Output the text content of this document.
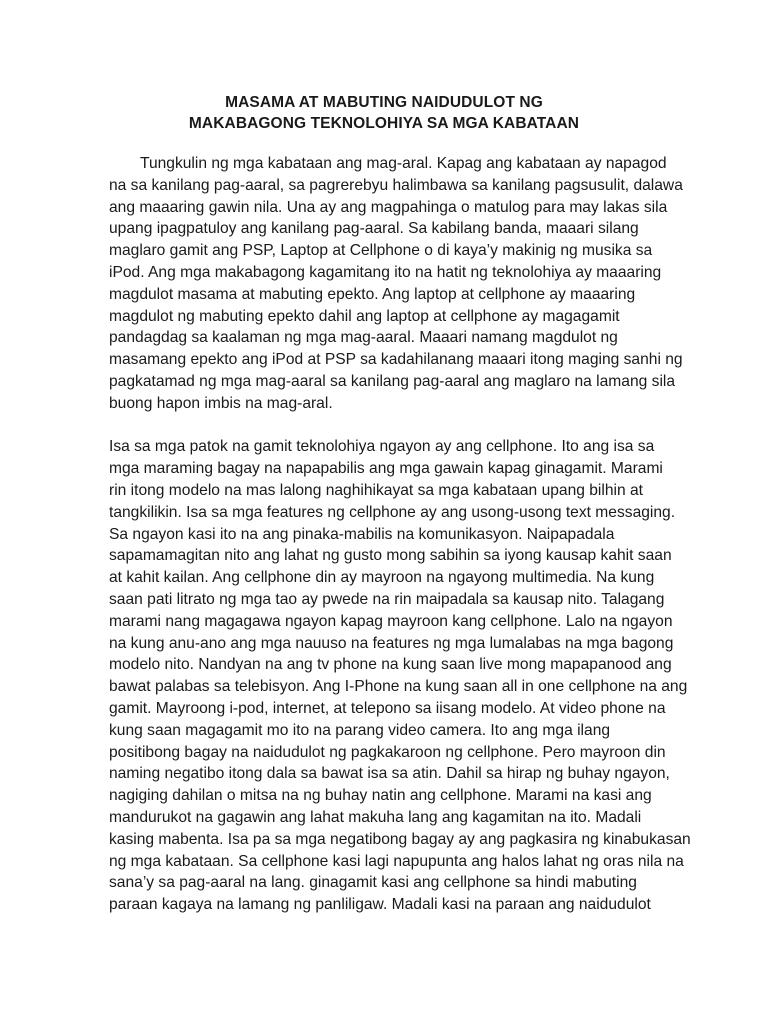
MASAMA AT MABUTING NAIDUDULOT NG
MAKABAGONG TEKNOLOHIYA SA MGA KABATAAN
Tungkulin ng mga kabataan ang mag-aral. Kapag ang kabataan ay napagod
na sa kanilang pag-aaral, sa pagrerebyu halimbawa sa kanilang pagsusulit, dalawa
ang maaaring gawin nila. Una ay ang magpahinga o matulog para may lakas sila
upang ipagpatuloy ang kanilang pag-aaral. Sa kabilang banda, maaari silang
maglaro gamit ang PSP, Laptop at Cellphone o di kaya’y makinig ng musika sa
iPod. Ang mga makabagong kagamitang ito na hatit ng teknolohiya ay maaaring
magdulot masama at mabuting epekto. Ang laptop at cellphone ay maaaring
magdulot ng mabuting epekto dahil ang laptop at cellphone ay magagamit
pandagdag sa kaalaman ng mga mag-aaral. Maaari namang magdulot ng
masamang epekto ang iPod at PSP sa kadahilanang maaari itong maging sanhi ng
pagkatamad ng mga mag-aaral sa kanilang pag-aaral ang maglaro na lamang sila
buong hapon imbis na mag-aral.
Isa sa mga patok na gamit teknolohiya ngayon ay ang cellphone. Ito ang isa sa
mga maraming bagay na napapabilis ang mga gawain kapag ginagamit. Marami
rin itong modelo na mas lalong naghihikayat sa mga kabataan upang bilhin at
tangkilikin. Isa sa mga features ng cellphone ay ang usong-usong text messaging.
Sa ngayon kasi ito na ang pinaka-mabilis na komunikasyon. Naipapadala
sapamamagitan nito ang lahat ng gusto mong sabihin sa iyong kausap kahit saan
at kahit kailan. Ang cellphone din ay mayroon na ngayong multimedia. Na kung
saan pati litrato ng mga tao ay pwede na rin maipadala sa kausap nito. Talagang
marami nang magagawa ngayon kapag mayroon kang cellphone. Lalo na ngayon
na kung anu-ano ang mga nauuso na features ng mga lumalabas na mga bagong
modelo nito. Nandyan na ang tv phone na kung saan live mong mapapanood ang
bawat palabas sa telebisyon. Ang I-Phone na kung saan all in one cellphone na ang
gamit. Mayroong i-pod, internet, at telepono sa iisang modelo. At video phone na
kung saan magagamit mo ito na parang video camera. Ito ang mga ilang
positibong bagay na naidudulot ng pagkakaroon ng cellphone. Pero mayroon din
naming negatibo itong dala sa bawat isa sa atin. Dahil sa hirap ng buhay ngayon,
nagiging dahilan o mitsa na ng buhay natin ang cellphone. Marami na kasi ang
mandurukot na gagawin ang lahat makuha lang ang kagamitan na ito. Madali
kasing mabenta. Isa pa sa mga negatibong bagay ay ang pagkasira ng kinabukasan
ng mga kabataan. Sa cellphone kasi lagi napupunta ang halos lahat ng oras nila na
sana’y sa pag-aaral na lang. ginagamit kasi ang cellphone sa hindi mabuting
paraan kagaya na lamang ng panliligaw. Madali kasi na paraan ang naidudulot
